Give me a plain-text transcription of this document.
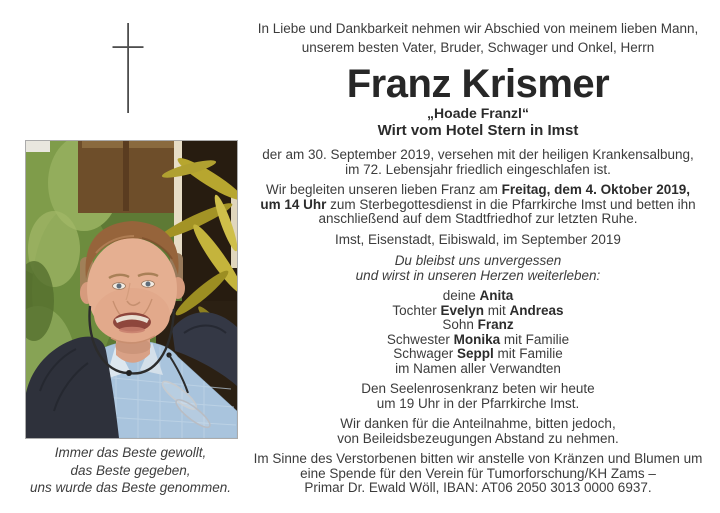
Immer das Beste gewollt,
das Beste gegeben,
uns wurde das Beste genommen.
In Liebe und Dankbarkeit nehmen wir Abschied von meinem lieben Mann,
unserem besten Vater, Bruder, Schwager und Onkel, Herrn
Franz Krismer
„Hoade Franzl“
Wirt vom Hotel Stern in Imst
der am 30. September 2019, versehen mit der heiligen Krankensalbung,
im 72. Lebensjahr friedlich eingeschlafen ist.
Wir begleiten unseren lieben Franz am Freitag, dem 4. Oktober 2019,
um 14 Uhr zum Sterbegottesdienst in die Pfarrkirche Imst und betten ihn
anschließend auf dem Stadtfriedhof zur letzten Ruhe.
Imst, Eisenstadt, Eibiswald, im September 2019
Du bleibst uns unvergessen
und wirst in unseren Herzen weiterleben:
deine Anita
Tochter Evelyn mit Andreas
Sohn Franz
Schwester Monika mit Familie
Schwager Seppl mit Familie
im Namen aller Verwandten
Den Seelenrosenkranz beten wir heute
um 19 Uhr in der Pfarrkirche Imst.
Wir danken für die Anteilnahme, bitten jedoch,
von Beileidsbezeugungen Abstand zu nehmen.
Im Sinne des Verstorbenen bitten wir anstelle von Kränzen und Blumen um
eine Spende für den Verein für Tumorforschung/KH Zams –
Primar Dr. Ewald Wöll, IBAN: AT06 2050 3013 0000 6937.
